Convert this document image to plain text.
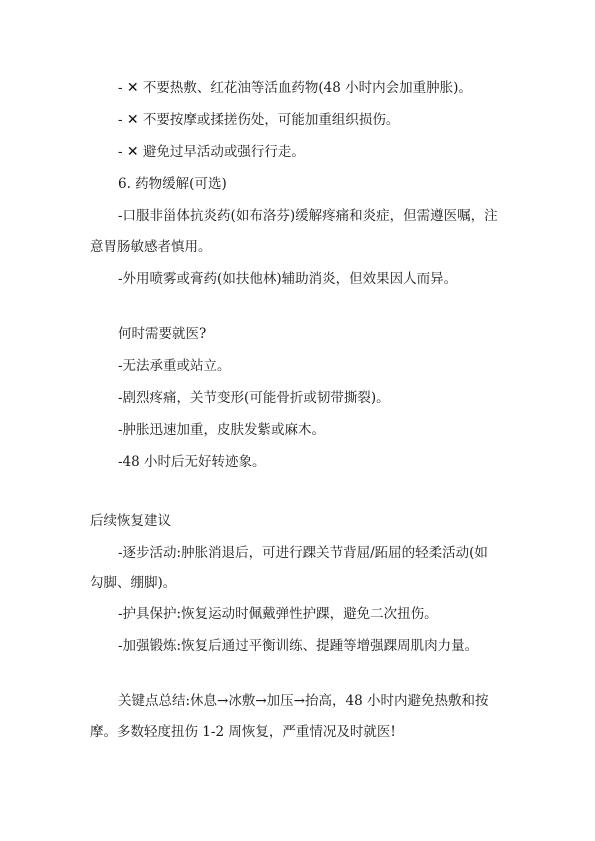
- ✕ 不要热敷、红花油等活血药物(48 小时内会加重肿胀)。
- ✕ 不要按摩或揉搓伤处，可能加重组织损伤。
- ✕ 避免过早活动或强行行走。
6. 药物缓解(可选)
-口服非甾体抗炎药(如布洛芬)缓解疼痛和炎症，但需遵医嘱，注
意胃肠敏感者慎用。
-外用喷雾或膏药(如扶他林)辅助消炎，但效果因人而异。
何时需要就医?
-无法承重或站立。
-剧烈疼痛，关节变形(可能骨折或韧带撕裂)。
-肿胀迅速加重，皮肤发紫或麻木。
-48 小时后无好转迹象。
后续恢复建议
-逐步活动:肿胀消退后，可进行踝关节背屈/跖屈的轻柔活动(如
勾脚、绷脚)。
-护具保护:恢复运动时佩戴弹性护踝，避免二次扭伤。
-加强锻炼:恢复后通过平衡训练、提踵等增强踝周肌肉力量。
关键点总结:休息→冰敷→加压→抬高，48 小时内避免热敷和按
摩。多数轻度扭伤 1-2 周恢复，严重情况及时就医!
